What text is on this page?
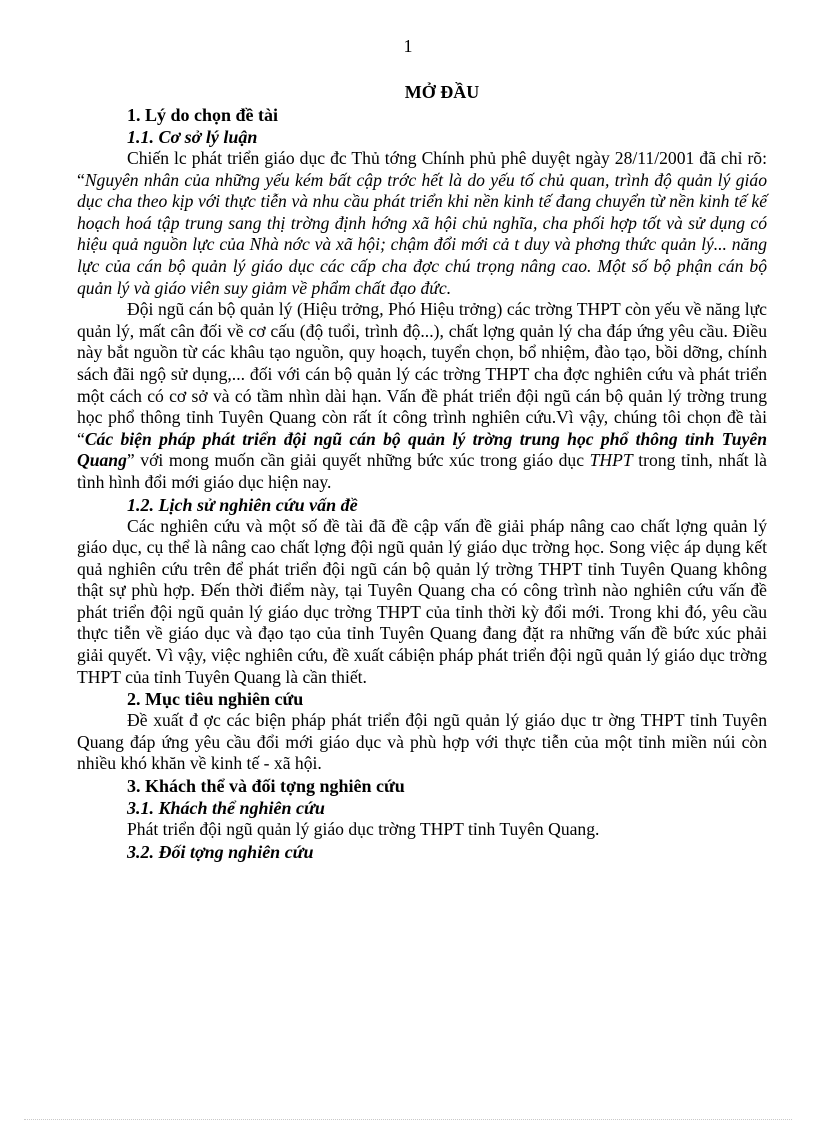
1

MỞ ĐẦU

1. Lý do chọn đề tài

1.1. Cơ sở lý luận

Chiến lc phát triển giáo dục đc Thủ tớng Chính phủ phê duyệt ngày 28/11/2001 đã chỉ rõ: “Nguyên nhân của những yếu kém bất cập trớc hết là do yếu tố chủ quan, trình độ quản lý giáo dục cha theo kịp với thực tiễn và nhu cầu phát triển khi nền kinh tế đang chuyển từ nền kinh tế kế hoạch hoá tập trung sang thị trờng định hớng xã hội chủ nghĩa, cha phối hợp tốt và sử dụng có hiệu quả nguồn lực của Nhà nớc và xã hội; chậm đổi mới cả t duy và phơng thức quản lý... năng lực của cán bộ quản lý giáo dục các cấp cha đợc chú trọng nâng cao. Một số bộ phận cán bộ quản lý và giáo viên suy giảm về phẩm chất đạo đức.

Đội ngũ cán bộ quản lý (Hiệu trởng, Phó Hiệu trởng) các trờng THPT còn yếu về năng lực quản lý, mất cân đối về cơ cấu (độ tuổi, trình độ...), chất lợng quản lý cha đáp ứng yêu cầu. Điều này bắt nguồn từ các khâu tạo nguồn, quy hoạch, tuyển chọn, bổ nhiệm, đào tạo, bồi dỡng, chính sách đãi ngộ sử dụng,... đối với cán bộ quản lý các trờng THPT cha đợc nghiên cứu và phát triển một cách có cơ sở và có tầm nhìn dài hạn. Vấn đề phát triển đội ngũ cán bộ quản lý trờng trung học phổ thông tỉnh Tuyên Quang còn rất ít công trình nghiên cứu.Vì vậy, chúng tôi chọn đề tài “Các biện pháp phát triển đội ngũ cán bộ quản lý trờng trung học phổ thông tỉnh Tuyên Quang” với mong muốn cần giải quyết những bức xúc trong giáo dục THPT trong tỉnh, nhất là tình hình đổi mới giáo dục hiện nay.

1.2. Lịch sử nghiên cứu vấn đề

Các nghiên cứu và một số đề tài đã đề cập vấn đề giải pháp nâng cao chất lợng quản lý giáo dục, cụ thể là nâng cao chất lợng đội ngũ quản lý giáo dục trờng học. Song việc áp dụng kết quả nghiên cứu trên để phát triển đội ngũ cán bộ quản lý trờng THPT tỉnh Tuyên Quang không thật sự phù hợp. Đến thời điểm này, tại Tuyên Quang cha có công trình nào nghiên cứu vấn đề phát triển đội ngũ quản lý giáo dục trờng THPT của tỉnh thời kỳ đổi mới. Trong khi đó, yêu cầu thực tiễn về giáo dục và đạo tạo của tỉnh Tuyên Quang đang đặt ra những vấn đề bức xúc phải giải quyết. Vì vậy, việc nghiên cứu, đề xuất cábiện pháp phát triển đội ngũ quản lý giáo dục trờng THPT của tỉnh Tuyên Quang là cần thiết.

2. Mục tiêu nghiên cứu

Đề xuất đ ợc các biện pháp phát triển đội ngũ quản lý giáo dục tr ờng THPT tỉnh Tuyên Quang đáp ứng yêu cầu đổi mới giáo dục và phù hợp với thực tiễn của một tỉnh miền núi còn nhiều khó khăn về kinh tế - xã hội.

3. Khách thể và đối tợng nghiên cứu

3.1. Khách thể nghiên cứu

Phát triển đội ngũ quản lý giáo dục trờng THPT tỉnh Tuyên Quang.

3.2. Đối tợng nghiên cứu
